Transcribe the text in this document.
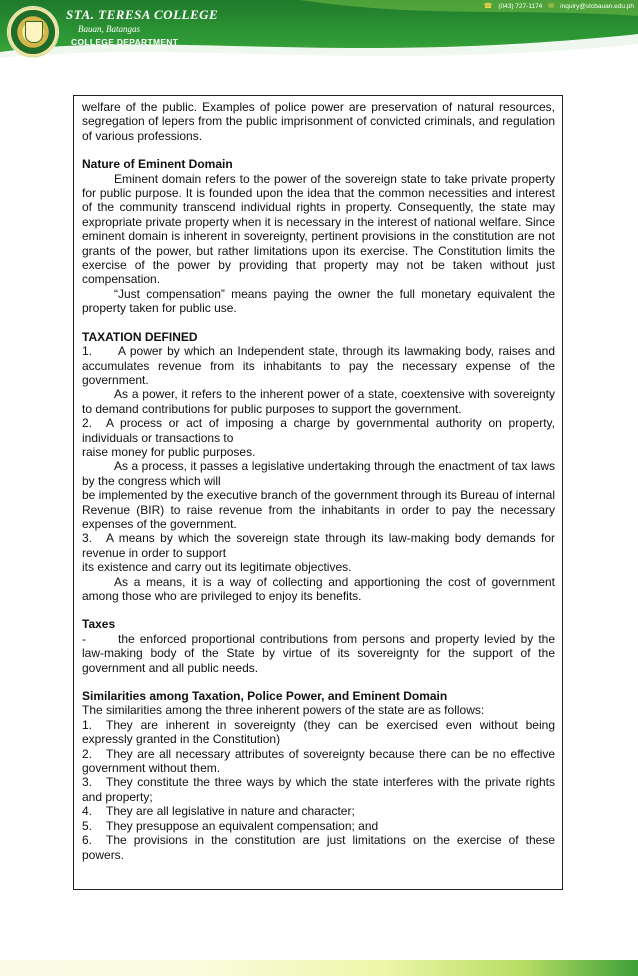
STA. TERESA COLLEGE
Bauan, Batangas
COLLEGE DEPARTMENT
☎ (043) 727-1174 ✉ inquiry@stcbauan.edu.ph

welfare of the public. Examples of police power are preservation of natural resources, segregation of lepers from the public imprisonment of convicted criminals, and regulation of various professions.

Nature of Eminent Domain

Eminent domain refers to the power of the sovereign state to take private property for public purpose. It is founded upon the idea that the common necessities and interest of the community transcend individual rights in property. Consequently, the state may expropriate private property when it is necessary in the interest of national welfare. Since eminent domain is inherent in sovereignty, pertinent provisions in the constitution are not grants of the power, but rather limitations upon its exercise. The Constitution limits the exercise of the power by providing that property may not be taken without just compensation.

“Just compensation” means paying the owner the full monetary equivalent the property taken for public use.

TAXATION DEFINED

1. A power by which an Independent state, through its lawmaking body, raises and accumulates revenue from its inhabitants to pay the necessary expense of the government.

As a power, it refers to the inherent power of a state, coextensive with sovereignty to demand contributions for public purposes to support the government.

2. A process or act of imposing a charge by governmental authority on property, individuals or transactions to

raise money for public purposes.

As a process, it passes a legislative undertaking through the enactment of tax laws by the congress which will

be implemented by the executive branch of the government through its Bureau of internal Revenue (BIR) to raise revenue from the inhabitants in order to pay the necessary expenses of the government.

3. A means by which the sovereign state through its law-making body demands for revenue in order to support

its existence and carry out its legitimate objectives.

As a means, it is a way of collecting and apportioning the cost of government among those who are privileged to enjoy its benefits.

Taxes

-	the enforced proportional contributions from persons and property levied by the law-making body of the State by virtue of its sovereignty for the support of the government and all public needs.

Similarities among Taxation, Police Power, and Eminent Domain

The similarities among the three inherent powers of the state are as follows:

1. They are inherent in sovereignty (they can be exercised even without being expressly granted in the Constitution)

2. They are all necessary attributes of sovereignty because there can be no effective government without them.

3. They constitute the three ways by which the state interferes with the private rights and property;

4. They are all legislative in nature and character;

5. They presuppose an equivalent compensation; and

6. The provisions in the constitution are just limitations on the exercise of these powers.
